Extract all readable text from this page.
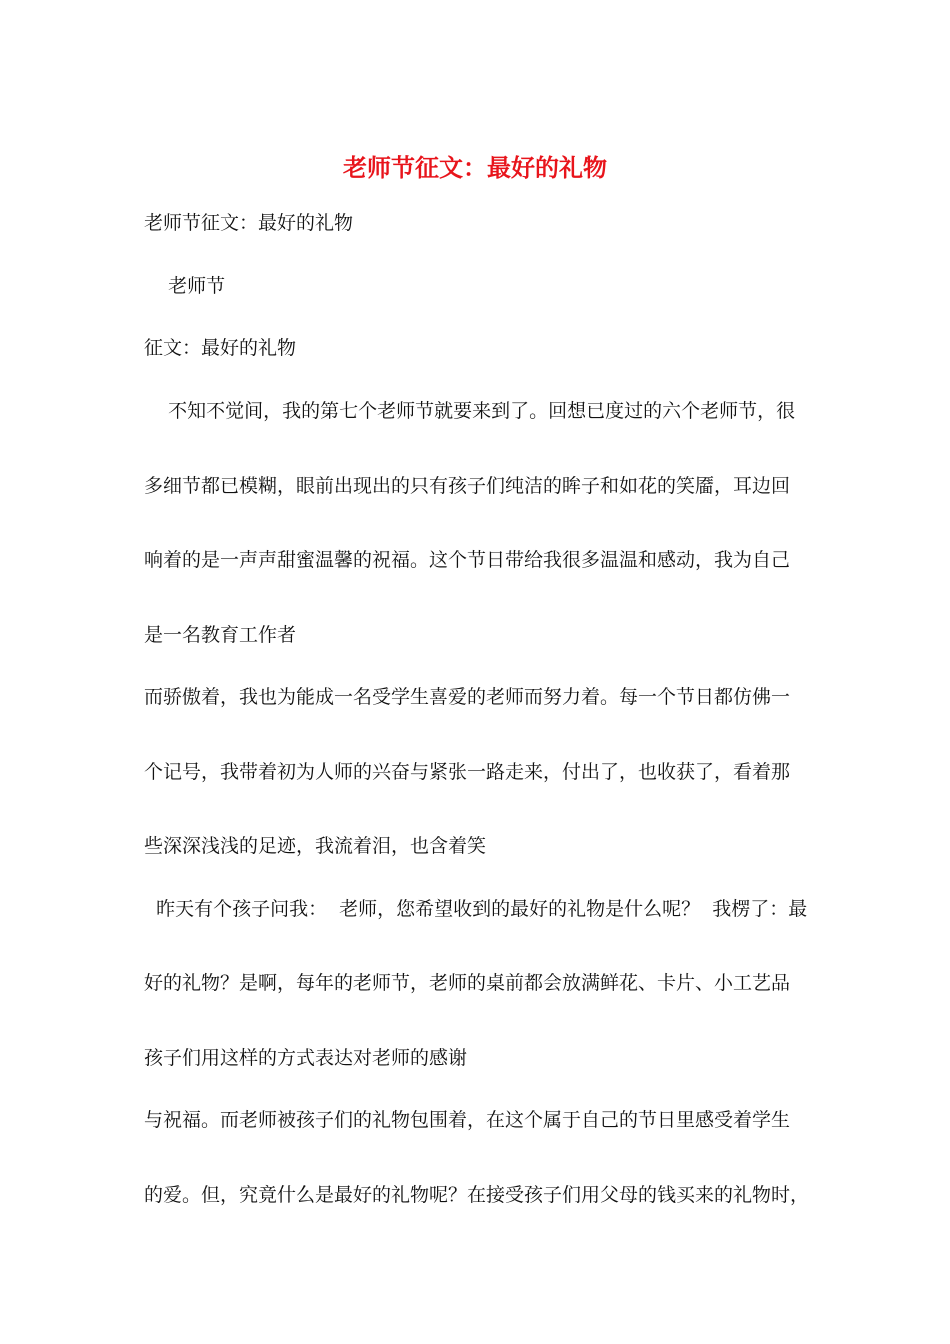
老师节征文：最好的礼物
老师节征文：最好的礼物
老师节
征文：最好的礼物
不知不觉间，我的第七个老师节就要来到了。回想已度过的六个老师节，很
多细节都已模糊，眼前出现出的只有孩子们纯洁的眸子和如花的笑靥，耳边回
响着的是一声声甜蜜温馨的祝福。这个节日带给我很多温温和感动，我为自己
是一名教育工作者
而骄傲着，我也为能成一名受学生喜爱的老师而努力着。每一个节日都仿佛一
个记号，我带着初为人师的兴奋与紧张一路走来，付出了，也收获了，看着那
些深深浅浅的足迹，我流着泪，也含着笑
昨天有个孩子问我：  老师，您希望收到的最好的礼物是什么呢？  我楞了：最
好的礼物？是啊，每年的老师节，老师的桌前都会放满鲜花、卡片、小工艺品
孩子们用这样的方式表达对老师的感谢
与祝福。而老师被孩子们的礼物包围着，在这个属于自己的节日里感受着学生
的爱。但，究竟什么是最好的礼物呢？在接受孩子们用父母的钱买来的礼物时，
